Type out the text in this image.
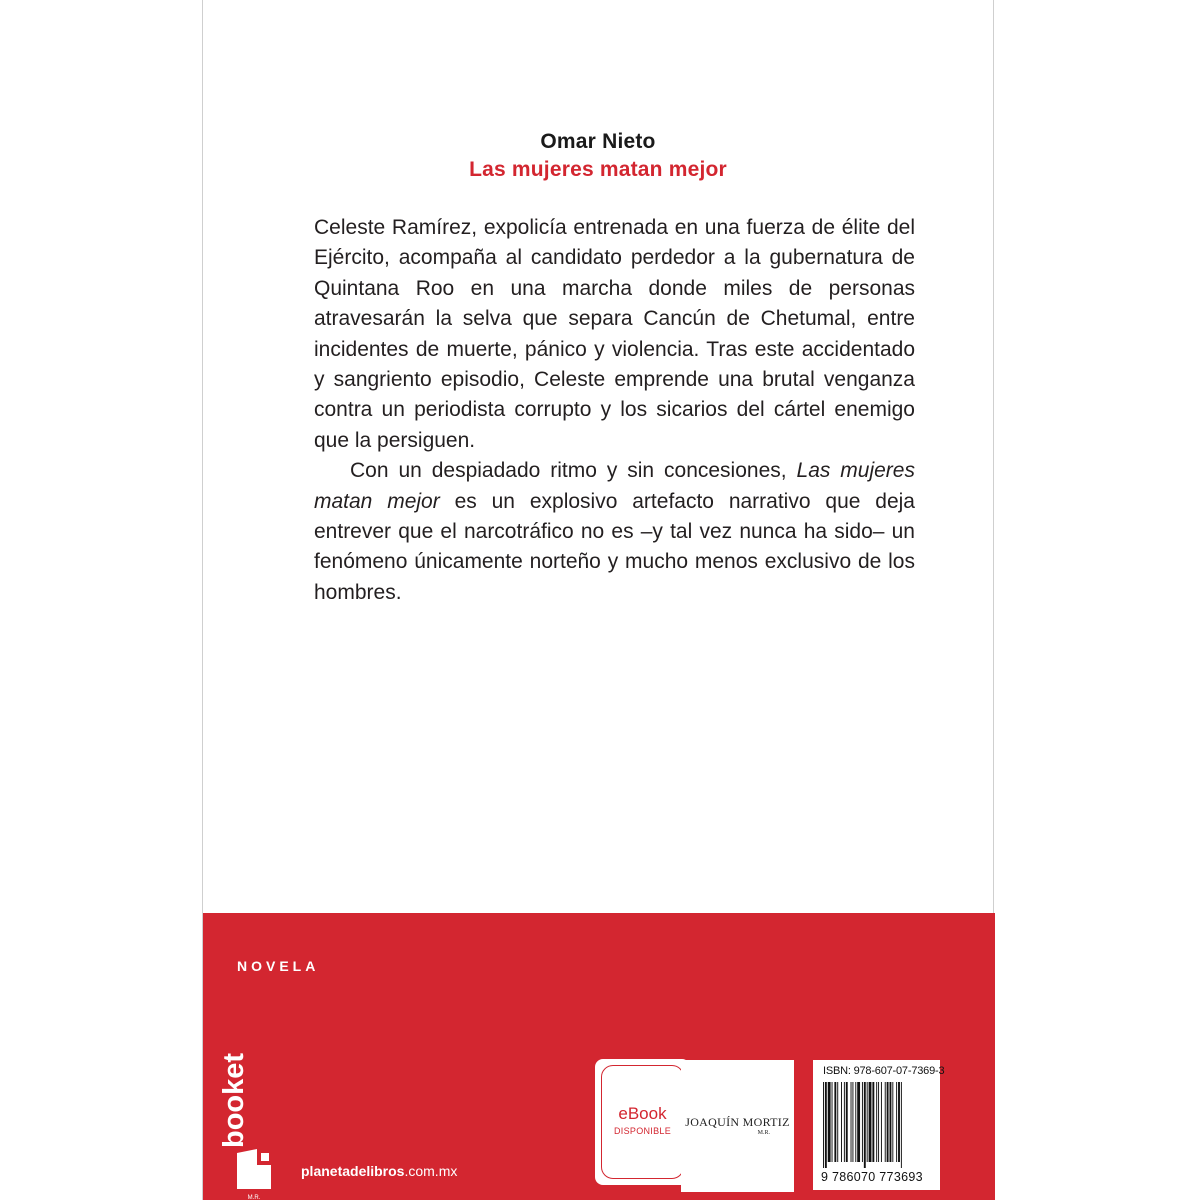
Omar Nieto
Las mujeres matan mejor

Celeste Ramírez, expolicía entrenada en una fuerza de élite del Ejército, acompaña al candidato perdedor a la gubernatura de Quintana Roo en una marcha donde miles de personas atravesarán la selva que separa Cancún de Chetumal, entre incidentes de muerte, pánico y violencia. Tras este accidentado y sangriento episodio, Celeste emprende una brutal venganza contra un periodista corrupto y los sicarios del cártel enemigo que la persiguen.

Con un despiadado ritmo y sin concesiones, Las mujeres matan mejor es un explosivo artefacto narrativo que deja entrever que el narcotráfico no es –y tal vez nunca ha sido– un fenómeno únicamente norteño y mucho menos exclusivo de los hombres.

NOVELA
booket
M.R.
planetadelibros.com.mx
eBook
DISPONIBLE
JOAQUÍN MORTIZ
M.R.
ISBN: 978-607-07-7369-3
9 786070 773693
